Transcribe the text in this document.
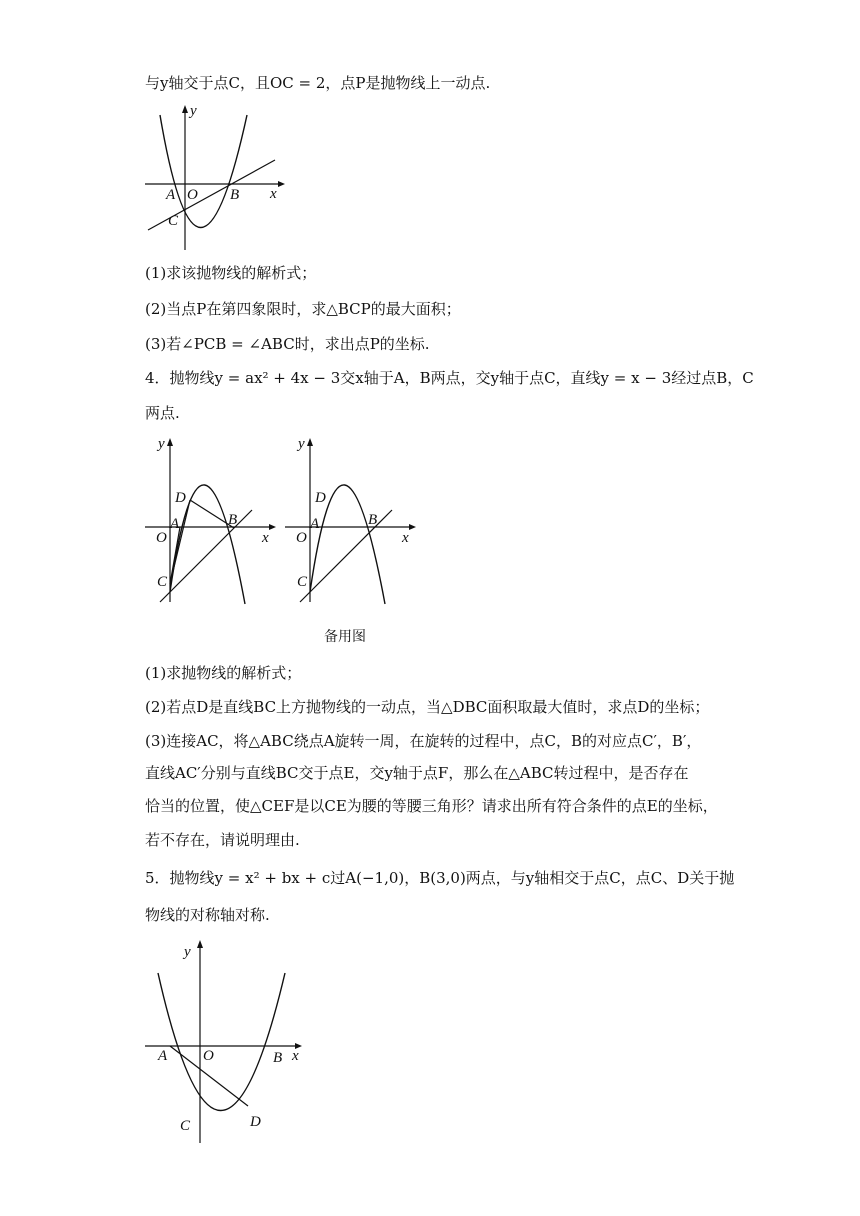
与y轴交于点C，且OC = 2，点P是抛物线上一动点.
y
x
A O B
C
(1)求该抛物线的解析式；
(2)当点P在第四象限时，求△BCP的最大面积；
(3)若∠PCB = ∠ABC时，求出点P的坐标.
4．抛物线y = ax² + 4x − 3交x轴于A，B两点，交y轴于点C，直线y = x − 3经过点B，C
两点.
y
x
O
A	B
C
D
y
x
O
A	B
C
D
备用图
(1)求抛物线的解析式；
(2)若点D是直线BC上方抛物线的一动点，当△DBC面积取最大值时，求点D的坐标；
(3)连接AC，将△ABC绕点A旋转一周，在旋转的过程中，点C，B的对应点C′，B′，
直线AC′分别与直线BC交于点E，交y轴于点F，那么在△ABC转过程中，是否存在
恰当的位置，使△CEF是以CE为腰的等腰三角形？请求出所有符合条件的点E的坐标，
若不存在，请说明理由.
5．抛物线y = x² + bx + c过A(−1,0)，B(3,0)两点，与y轴相交于点C，点C、D关于抛
物线的对称轴对称.
y
x
A O	B
C	D
